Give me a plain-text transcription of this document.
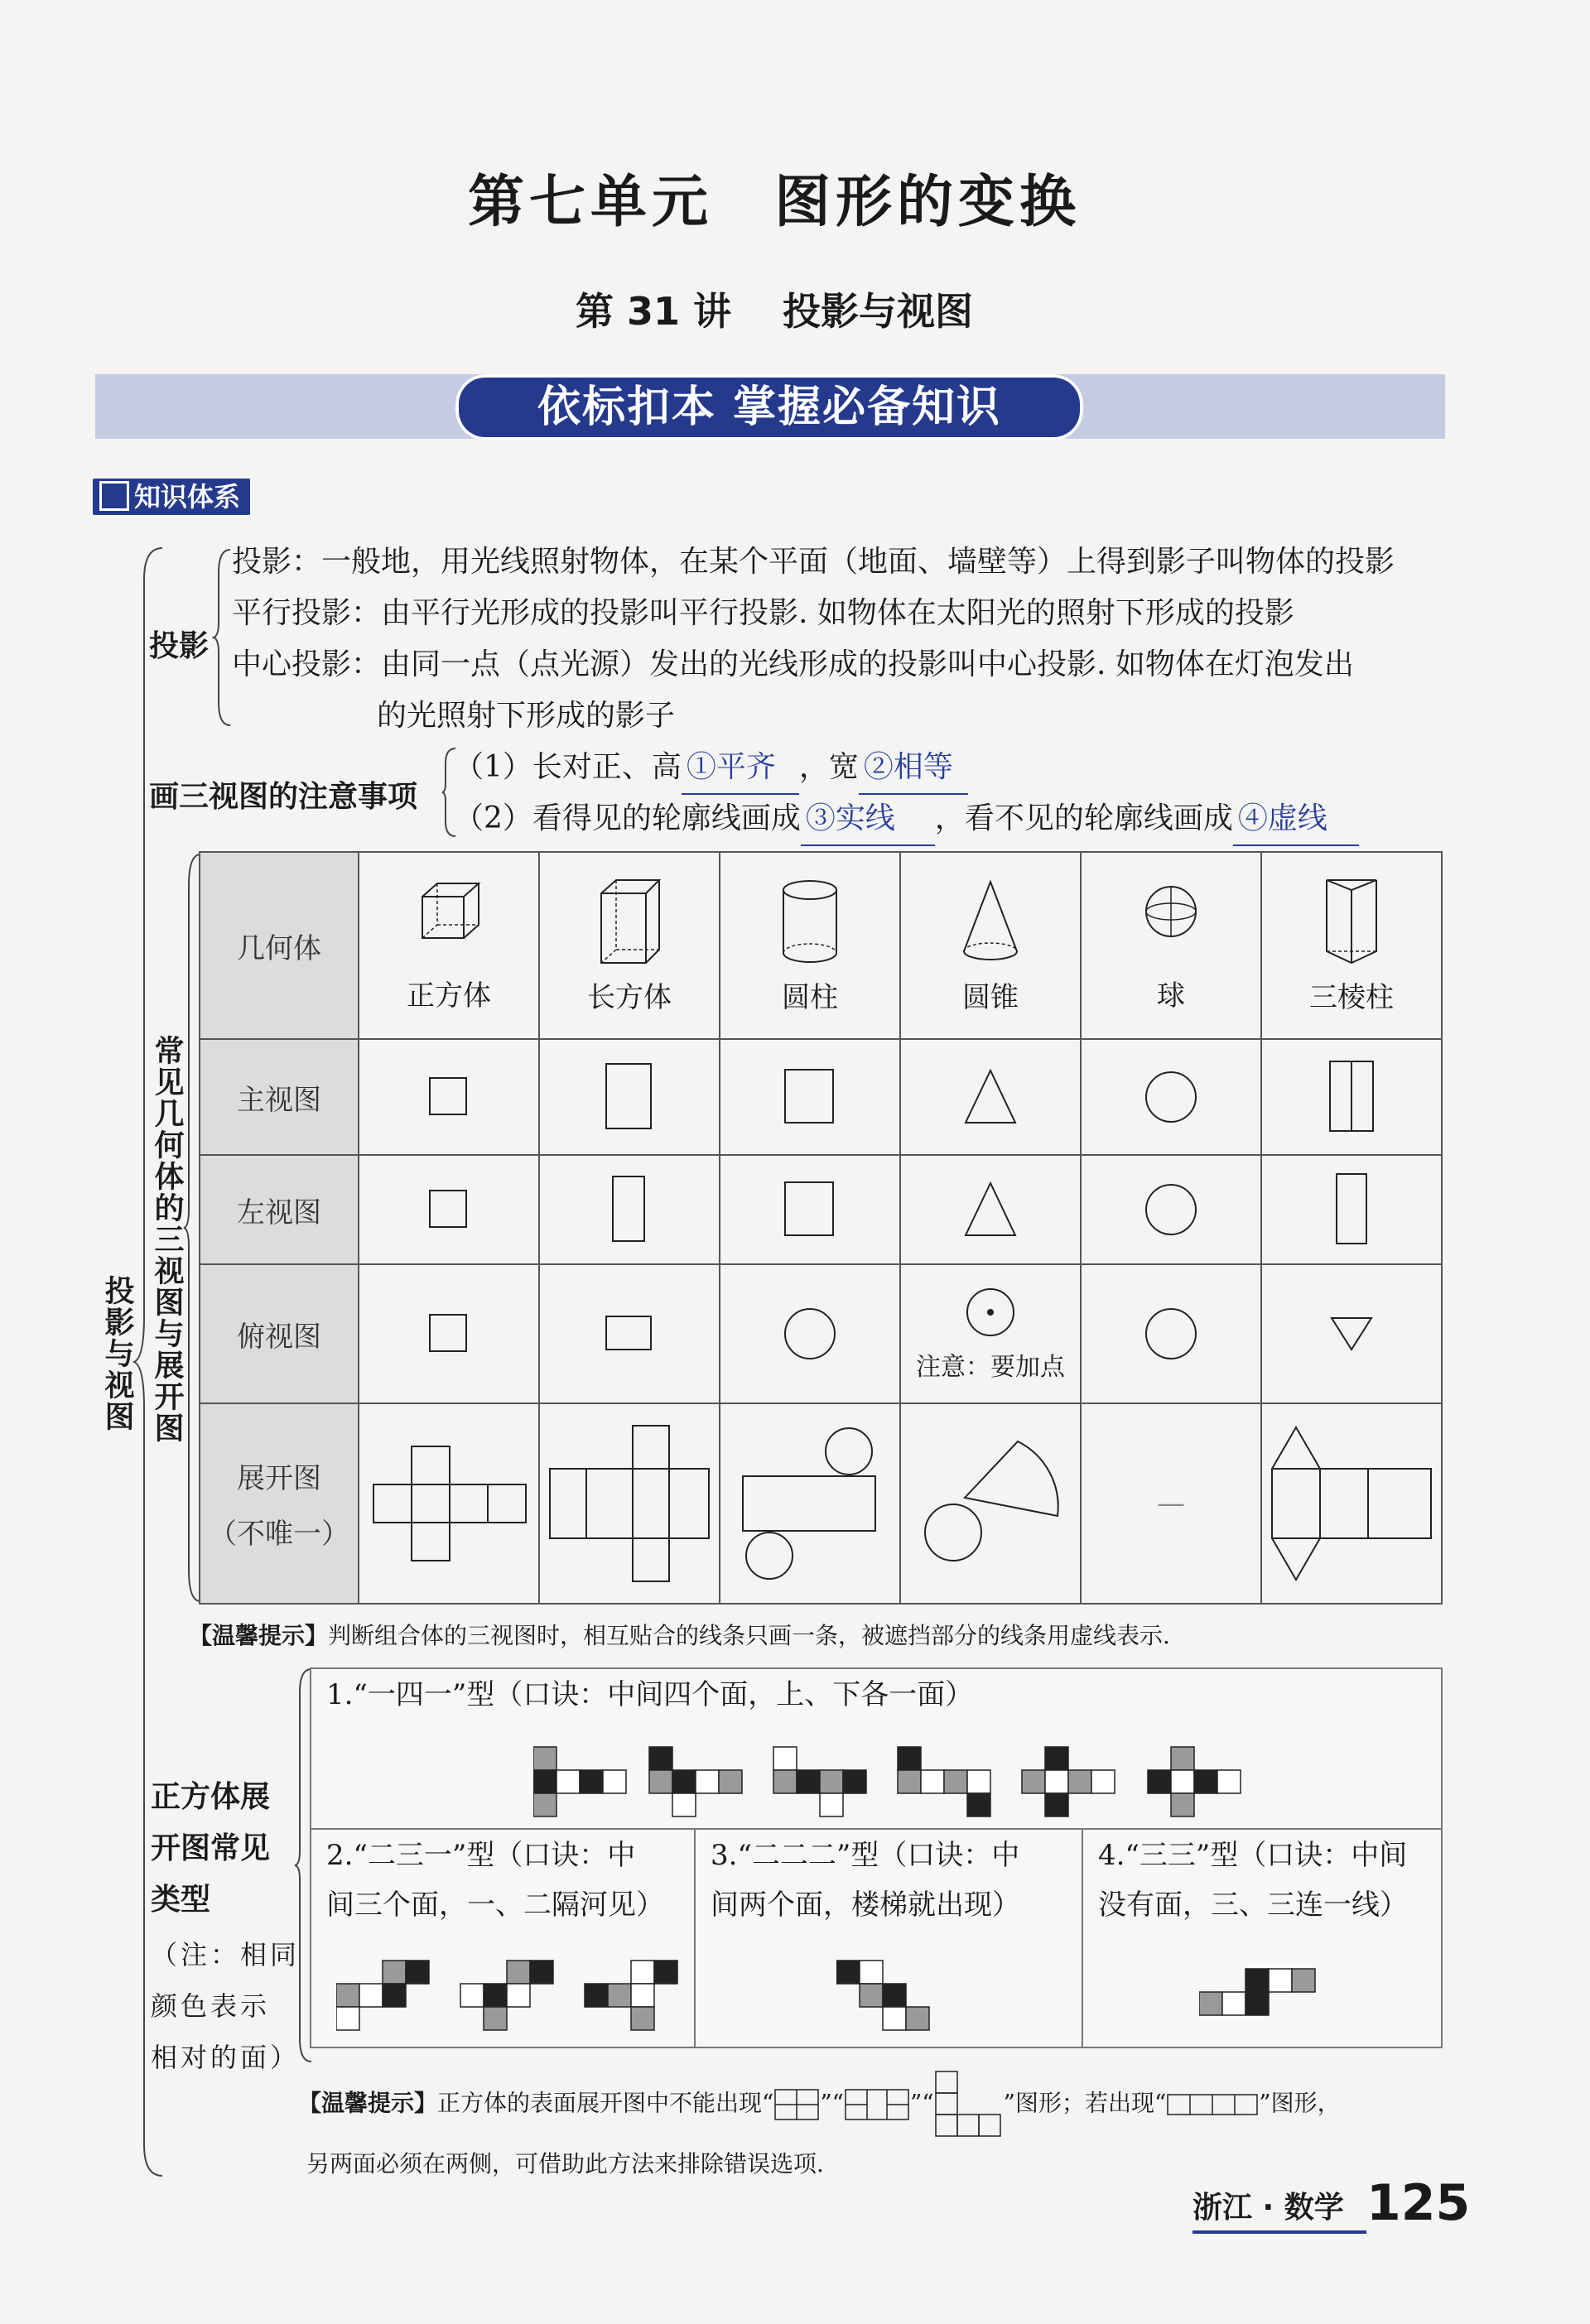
第七单元　图形的变换
第 31 讲　 投影与视图
依标扣本 掌握必备知识
知识体系
投影与视图
投影
投影：一般地，用光线照射物体，在某个平面（地面、墙壁等）上得到影子叫物体的投影
平行投影：由平行光形成的投影叫平行投影. 如物体在太阳光的照射下形成的投影
中心投影：由同一点（点光源）发出的光线形成的投影叫中心投影. 如物体在灯泡发出
的光照射下形成的影子
画三视图的注意事项
（1）长对正、高 ①平齐 ，宽 ②相等
（2）看得见的轮廓线画成 ③实线 ，看不见的轮廓线画成 ④虚线
常见几何体的三视图与展开图
几何体	正方体	长方体	圆柱	圆锥	球	三棱柱

主视图	

左视图	

俯视图				注意：要加点

展开图
（不唯一）					—	
【温馨提示】判断组合体的三视图时，相互贴合的线条只画一条，被遮挡部分的线条用虚线表示.
正方体展
开图常见
类型
（注：相同
颜色表示
相对的面）
1.“一四一”型（口诀：中间四个面，上、下各一面）
2.“二三一”型（口诀：中
间三个面，一、二隔河见）
3.“二二二”型（口诀：中
间两个面，楼梯就出现）
4.“三三”型（口诀：中间
没有面，三、三连一线）
【温馨提示】正方体的表面展开图中不能出现“ ”“	”“	”图形；若出现“	”图形，
另两面必须在两侧，可借助此方法来排除错误选项.
浙江 · 数学 125
